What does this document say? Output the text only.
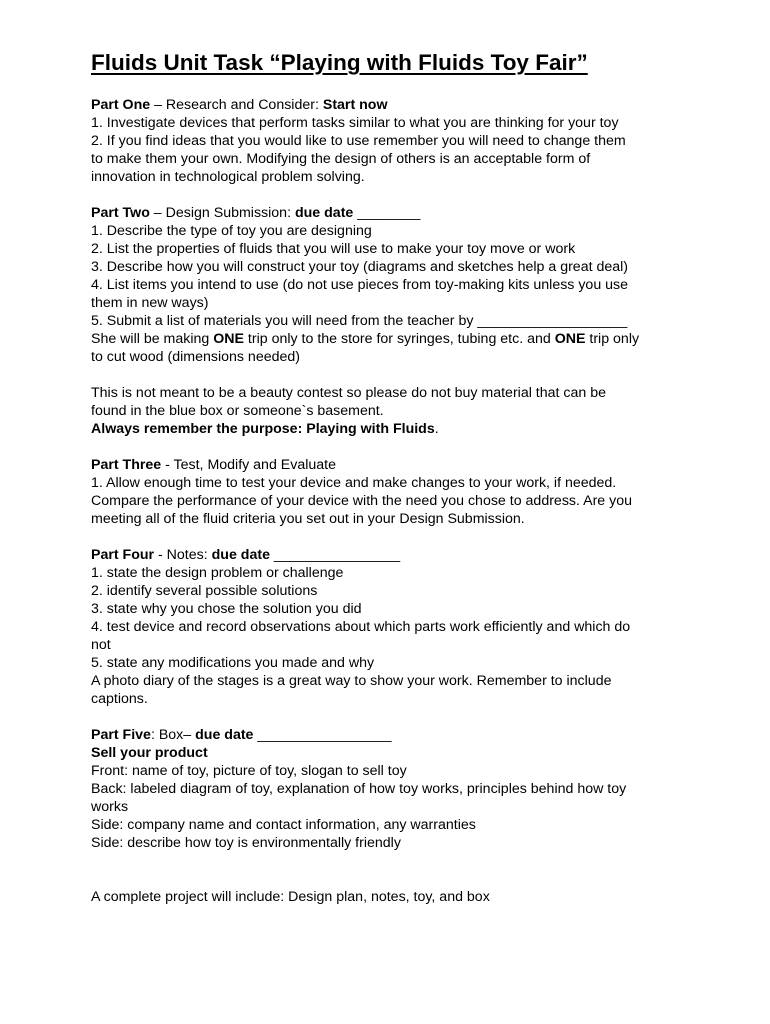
Fluids Unit Task “Playing with Fluids Toy Fair”
Part One – Research and Consider: Start now
1. Investigate devices that perform tasks similar to what you are thinking for your toy
2. If you find ideas that you would like to use remember you will need to change them
to make them your own. Modifying the design of others is an acceptable form of
innovation in technological problem solving.
Part Two – Design Submission: due date ________
1. Describe the type of toy you are designing
2. List the properties of fluids that you will use to make your toy move or work
3. Describe how you will construct your toy (diagrams and sketches help a great deal)
4. List items you intend to use (do not use pieces from toy-making kits unless you use
them in new ways)
5. Submit a list of materials you will need from the teacher by ___________________
She will be making ONE trip only to the store for syringes, tubing etc. and ONE trip only
to cut wood (dimensions needed)
This is not meant to be a beauty contest so please do not buy material that can be
found in the blue box or someone`s basement.
Always remember the purpose: Playing with Fluids.
Part Three - Test, Modify and Evaluate
1. Allow enough time to test your device and make changes to your work, if needed.
Compare the performance of your device with the need you chose to address. Are you
meeting all of the fluid criteria you set out in your Design Submission.
Part Four - Notes: due date ________________
1. state the design problem or challenge
2. identify several possible solutions
3. state why you chose the solution you did
4. test device and record observations about which parts work efficiently and which do
not
5. state any modifications you made and why
A photo diary of the stages is a great way to show your work. Remember to include
captions.
Part Five: Box– due date _________________
Sell your product
Front: name of toy, picture of toy, slogan to sell toy
Back: labeled diagram of toy, explanation of how toy works, principles behind how toy
works
Side: company name and contact information, any warranties
Side: describe how toy is environmentally friendly
A complete project will include: Design plan, notes, toy, and box
